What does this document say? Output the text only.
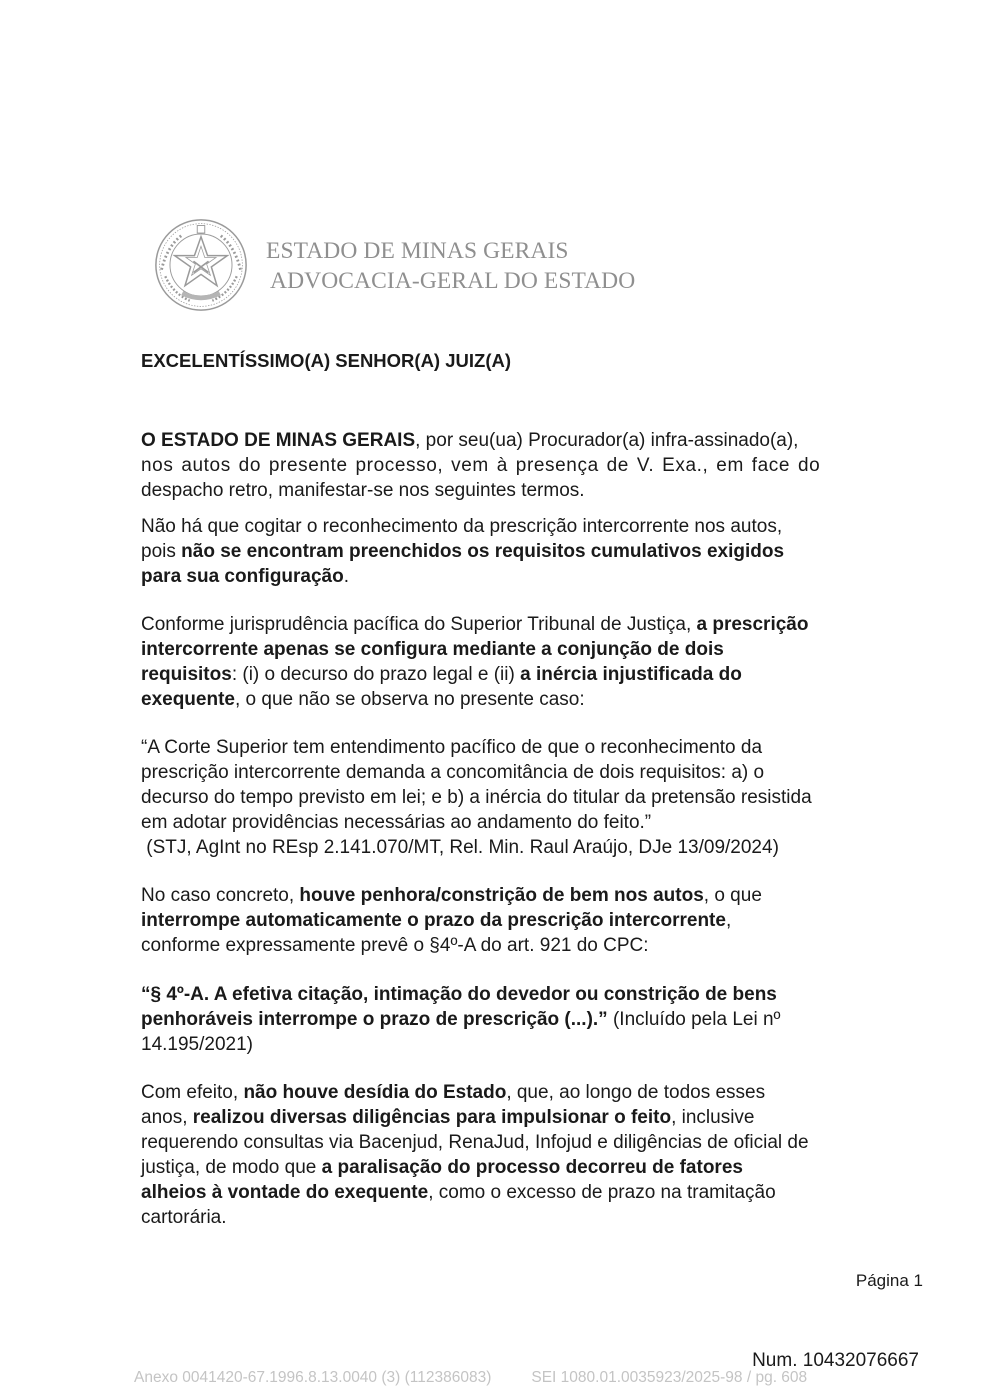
ESTADO DE MINAS GERAIS
ADVOCACIA-GERAL DO ESTADO
EXCELENTÍSSIMO(A) SENHOR(A) JUIZ(A)

O ESTADO DE MINAS GERAIS, por seu(ua) Procurador(a) infra-assinado(a),

nos autos do presente processo, vem à presença de V. Exa., em face do

despacho retro, manifestar-se nos seguintes termos.

Não há que cogitar o reconhecimento da prescrição intercorrente nos autos,

pois não se encontram preenchidos os requisitos cumulativos exigidos

para sua configuração.

Conforme jurisprudência pacífica do Superior Tribunal de Justiça, a prescrição

intercorrente apenas se configura mediante a conjunção de dois

requisitos: (i) o decurso do prazo legal e (ii) a inércia injustificada do

exequente, o que não se observa no presente caso:

“A Corte Superior tem entendimento pacífico de que o reconhecimento da

prescrição intercorrente demanda a concomitância de dois requisitos: a) o

decurso do tempo previsto em lei; e b) a inércia do titular da pretensão resistida

em adotar providências necessárias ao andamento do feito.”

(STJ, AgInt no REsp 2.141.070/MT, Rel. Min. Raul Araújo, DJe 13/09/2024)

No caso concreto, houve penhora/constrição de bem nos autos, o que

interrompe automaticamente o prazo da prescrição intercorrente,

conforme expressamente prevê o §4º-A do art. 921 do CPC:

“§ 4º-A. A efetiva citação, intimação do devedor ou constrição de bens

penhoráveis interrompe o prazo de prescrição (...).” (Incluído pela Lei nº

14.195/2021)

Com efeito, não houve desídia do Estado, que, ao longo de todos esses

anos, realizou diversas diligências para impulsionar o feito, inclusive

requerendo consultas via Bacenjud, RenaJud, Infojud e diligências de oficial de

justiça, de modo que a paralisação do processo decorreu de fatores

alheios à vontade do exequente, como o excesso de prazo na tramitação

cartorária.

Página 1
Num. 10432076667
Anexo 0041420-67.1996.8.13.0040 (3) (112386083)	SEI 1080.01.0035923/2025-98 / pg. 608
